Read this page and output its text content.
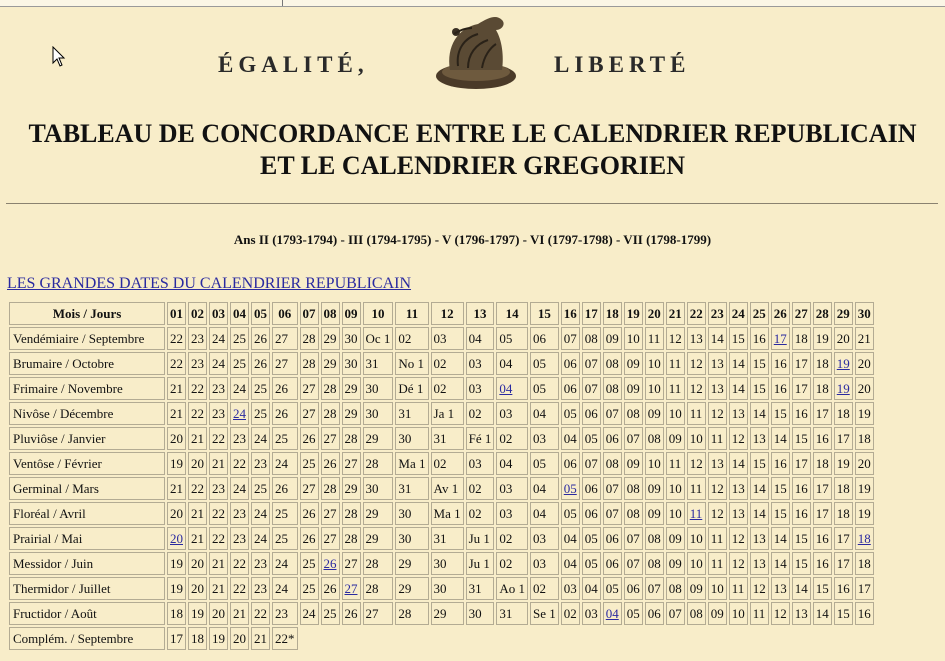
ÉGALITÉ,	LIBERTÉ
TABLEAU DE CONCORDANCE ENTRE LE CALENDRIER REPUBLICAIN
ET LE CALENDRIER GREGORIEN
Ans II (1793-1794) - III (1794-1795) - V (1796-1797) - VI (1797-1798) - VII (1798-1799)
LES GRANDES DATES DU CALENDRIER REPUBLICAIN
Mois / Jours	01	02	03	04	05	06	07	08	09	10	11	12	13	14	15	16	17	18	19	20	21	22	23	24	25	26	27	28	29	30
Vendémiaire / Septembre	22	23	24	25	26	27	28	29	30	Oc 1	02	03	04	05	06	07	08	09	10	11	12	13	14	15	16	17	18	19	20	21
Brumaire / Octobre	22	23	24	25	26	27	28	29	30	31	No 1	02	03	04	05	06	07	08	09	10	11	12	13	14	15	16	17	18	19	20
Frimaire / Novembre	21	22	23	24	25	26	27	28	29	30	Dé 1	02	03	04	05	06	07	08	09	10	11	12	13	14	15	16	17	18	19	20
Nivôse / Décembre	21	22	23	24	25	26	27	28	29	30	31	Ja 1	02	03	04	05	06	07	08	09	10	11	12	13	14	15	16	17	18	19
Pluviôse / Janvier	20	21	22	23	24	25	26	27	28	29	30	31	Fé 1	02	03	04	05	06	07	08	09	10	11	12	13	14	15	16	17	18
Ventôse / Février	19	20	21	22	23	24	25	26	27	28	Ma 1	02	03	04	05	06	07	08	09	10	11	12	13	14	15	16	17	18	19	20
Germinal / Mars	21	22	23	24	25	26	27	28	29	30	31	Av 1	02	03	04	05	06	07	08	09	10	11	12	13	14	15	16	17	18	19
Floréal / Avril	20	21	22	23	24	25	26	27	28	29	30	Ma 1	02	03	04	05	06	07	08	09	10	11	12	13	14	15	16	17	18	19
Prairial / Mai	20	21	22	23	24	25	26	27	28	29	30	31	Ju 1	02	03	04	05	06	07	08	09	10	11	12	13	14	15	16	17	18
Messidor / Juin	19	20	21	22	23	24	25	26	27	28	29	30	Ju 1	02	03	04	05	06	07	08	09	10	11	12	13	14	15	16	17	18
Thermidor / Juillet	19	20	21	22	23	24	25	26	27	28	29	30	31	Ao 1	02	03	04	05	06	07	08	09	10	11	12	13	14	15	16	17
Fructidor / Août	18	19	20	21	22	23	24	25	26	27	28	29	30	31	Se 1	02	03	04	05	06	07	08	09	10	11	12	13	14	15	16
Complém. / Septembre	17	18	19	20	21	22*																								
